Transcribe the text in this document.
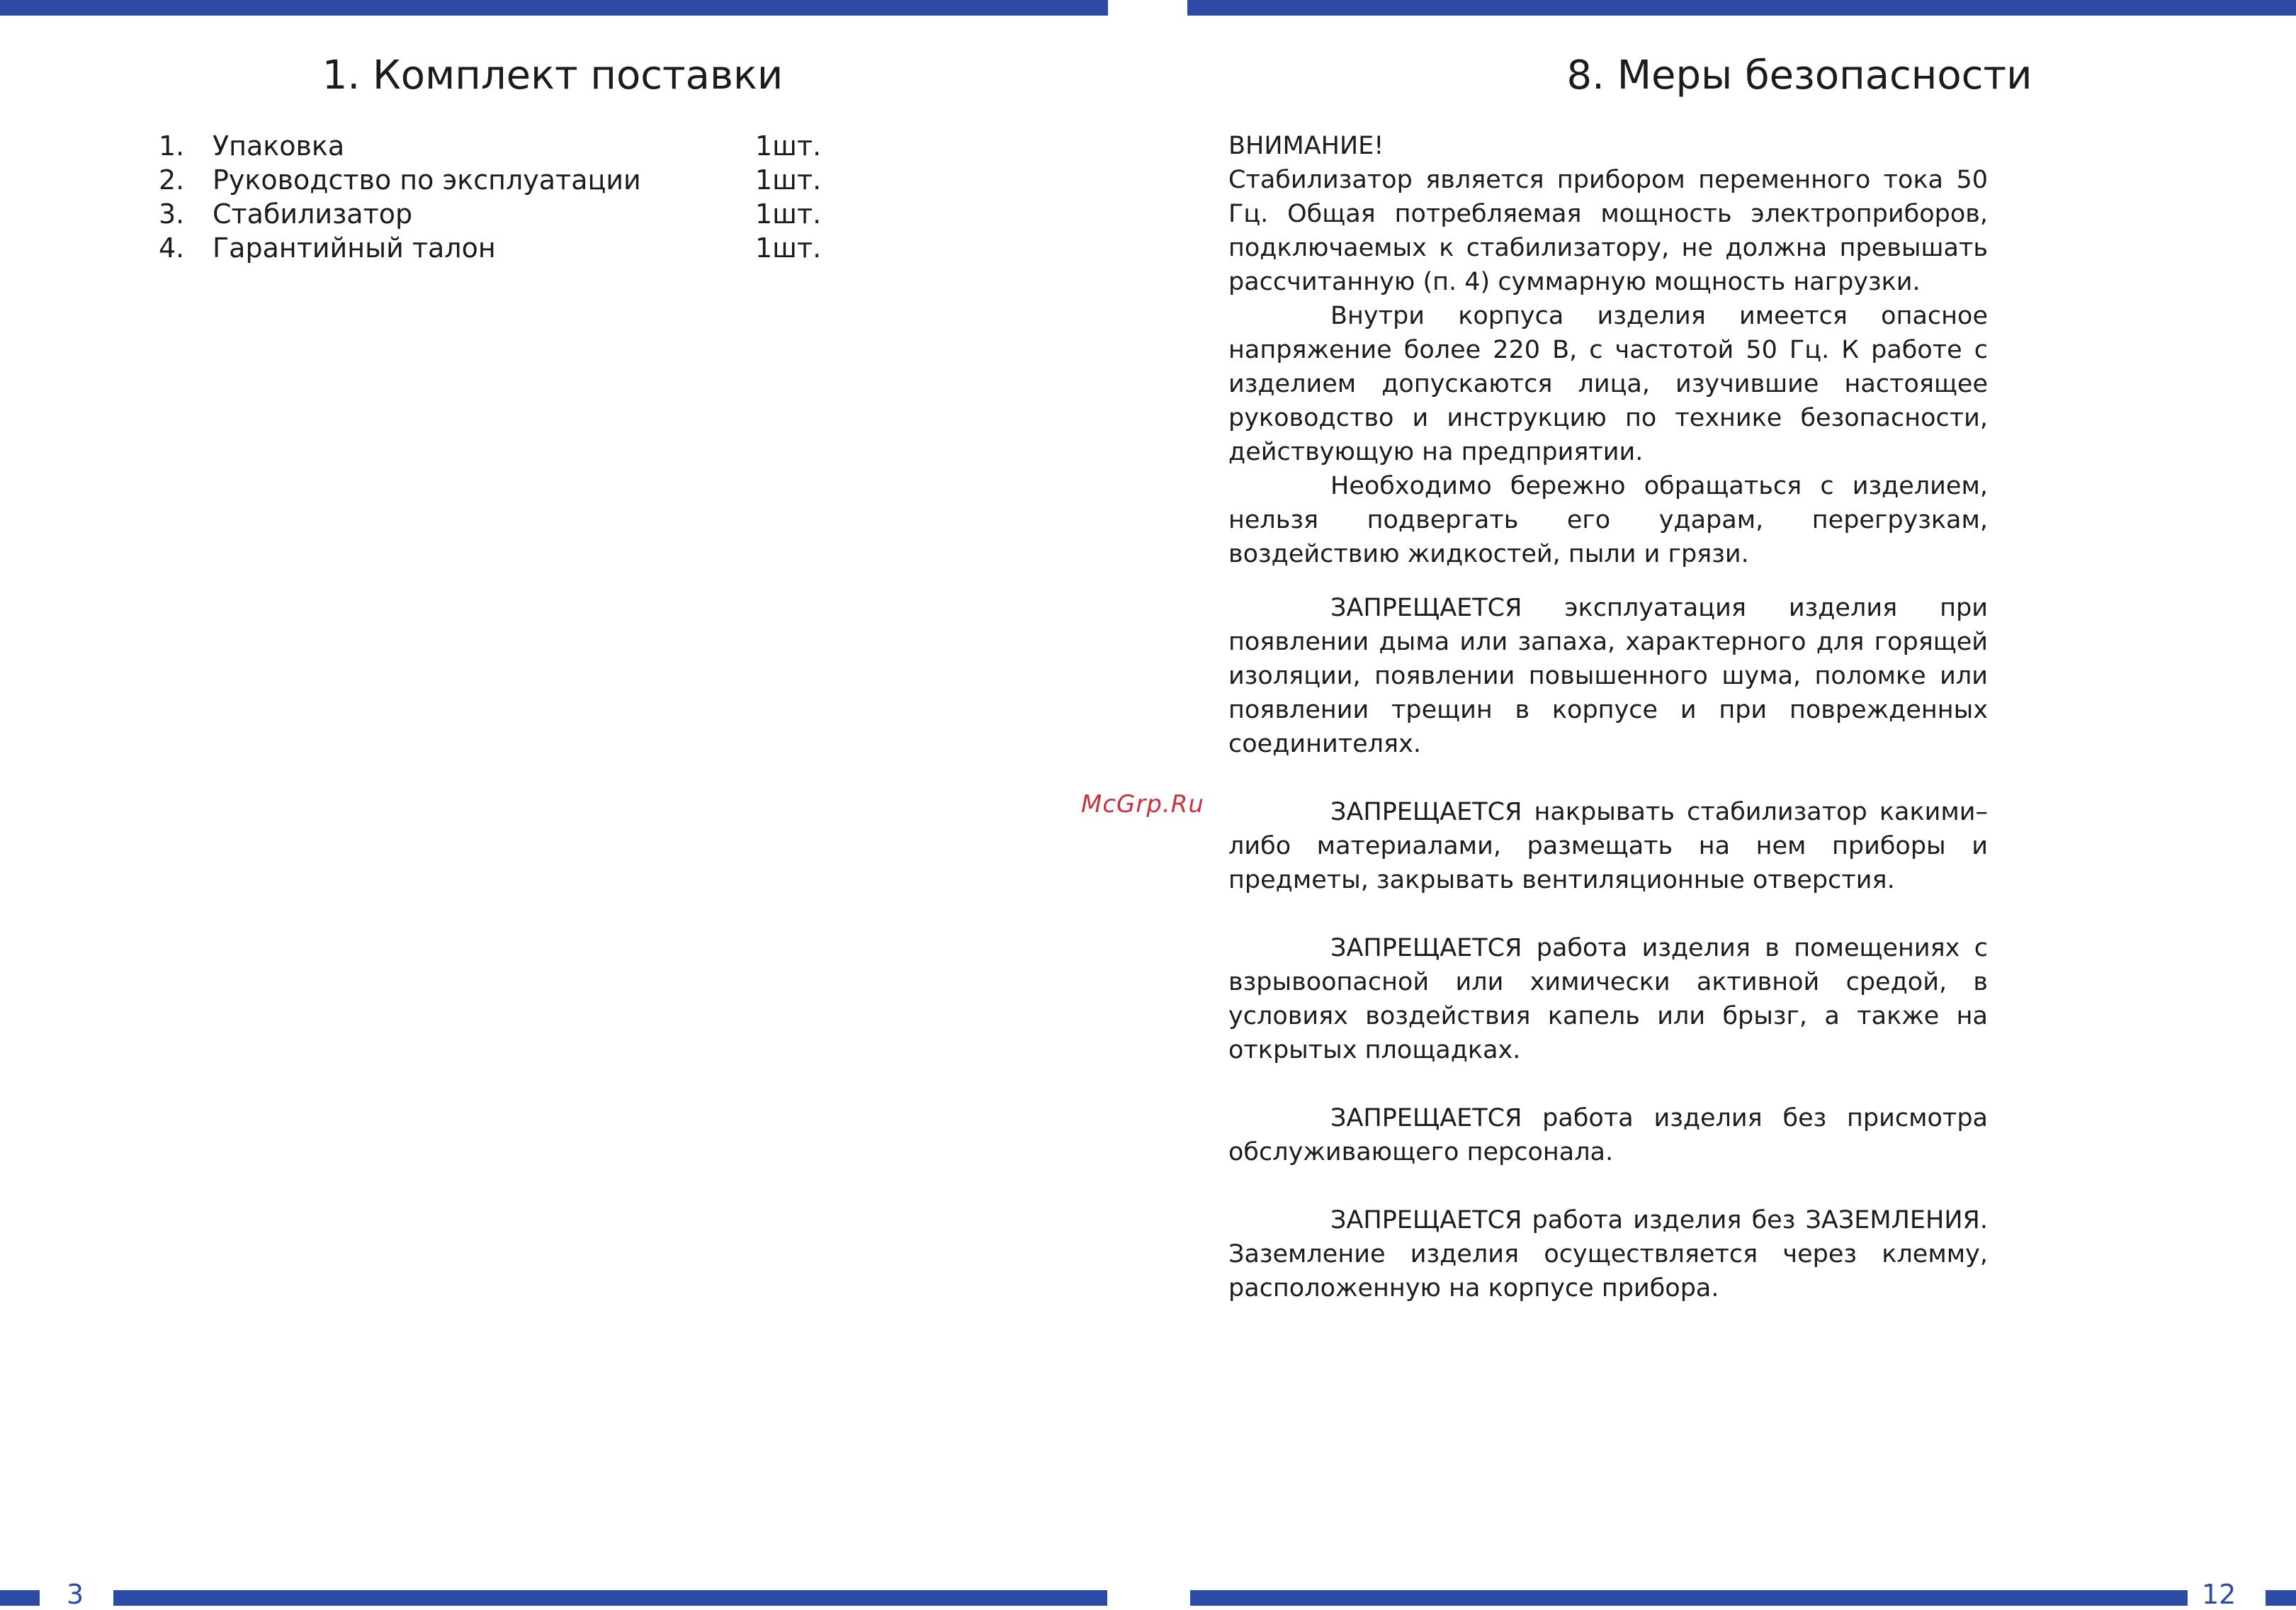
1. Комплект поставки
1. Упаковка	1шт.
2. Руководство по эксплуатации	1шт.
3. Стабилизатор	1шт.
4. Гарантийный талон	1шт.
3
8. Меры безопасности

ВНИМАНИЕ!

Стабилизатор является прибором переменного тока 50 Гц. Общая потребляемая мощность электроприборов, подключаемых к стабилизатору, не должна превышать рассчитанную (п. 4) суммарную мощность нагрузки.

Внутри корпуса изделия имеется опасное напряжение более 220 В, с частотой 50 Гц. К работе с изделием допускаются лица, изучившие настоящее руководство и инструкцию по технике безопасности, действующую на предприятии.

Необходимо бережно обращаться с изделием, нельзя подвергать его ударам, перегрузкам, воздействию жидкостей, пыли и грязи.

ЗАПРЕЩАЕТСЯ эксплуатация изделия при появлении дыма или запаха, характерного для горящей изоляции, появлении повышенного шума, поломке или появлении трещин в корпусе и при поврежденных соединителях.

ЗАПРЕЩАЕТСЯ накрывать стабилизатор какими–либо материалами, размещать на нем приборы и предметы, закрывать вентиляционные отверстия.

ЗАПРЕЩАЕТСЯ работа изделия в помещениях с взрывоопасной или химически активной средой, в условиях воздействия капель или брызг, а также на открытых площадках.

ЗАПРЕЩАЕТСЯ работа изделия без присмотра обслуживающего персонала.

ЗАПРЕЩАЕТСЯ работа изделия без ЗАЗЕМЛЕНИЯ. Заземление изделия осуществляется через клемму, расположенную на корпусе прибора.

12
McGrp.Ru
